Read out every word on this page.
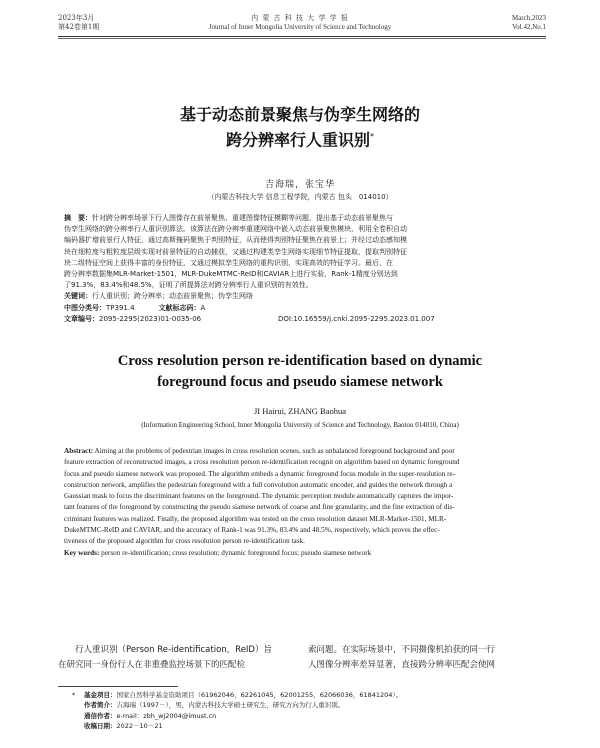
2023年3月
第42卷第1期
内 蒙 古 科 技 大 学 学 报
Journal of Inner Mongolia University of Science and Technology
March,2023
Vol.42,No.1
基于动态前景聚焦与伪孪生网络的
跨分辨率行人重识别*
吉海瑞，张宝华
（内蒙古科技大学 信息工程学院，内蒙古 包头　014010）
摘　要：针对跨分辨率场景下行人图像存在前景聚焦、重建图像特征模糊等问题，提出基于动态前景聚焦与
伪孪生网络的跨分辨率行人重识别算法。该算法在跨分辨率重建网络中嵌入动态前景聚焦模块，利用全卷积自动
编码器扩增前景行人特征，通过高斯掩码聚焦于判别特征，从而使得判别特征聚焦在前景上；并经过动态感知模
块在细粒度与粗粒度层级实现对前景特征的自动捕获，又通过构建类孪生网络实现细节特征提取，提取判别特征
块二级特征空间上获得丰富的身份特征，又通过模拟孪生网络的重构识别，实现高效的特征学习。最后，在
跨分辨率数据集MLR-Market-1501，MLR-DukeMTMC-ReID和CAVIAR上进行实验，Rank-1精度分别达到
了91.3%，83.4%和48.5%，证明了所提算法对跨分辨率行人重识别的有效性。
关键词：行人重识别；跨分辨率；动态前景聚焦；伪孪生网络
中图分类号：TP391.4	文献标志码：A
文章编号：2095-2295(2023)01-0035-06	DOI:10.16559/j.cnki.2095-2295.2023.01.007
Cross resolution person re-identification based on dynamic
foreground focus and pseudo siamese network
JI Hairui, ZHANG Baohua
(Information Engineering School, Inner Mongolia University of Science and Technology, Baotou 014010, China)
Abstract: Aiming at the problems of pedestrian images in cross resolution scenes, such as unbalanced foreground background and poor
feature extraction of reconstructed images, a cross resolution person re-identification recognit on algorithm based on dynamic foreground
focus and pseudo siamese network was proposed. The algorithm embeds a dynamic foreground focus module in the super-resolution re-
construction network, amplifies the pedestrian foreground with a full convolution automatic encoder, and guides the network through a
Gaussian mask to focus the discriminant features on the foreground. The dynamic perception module automatically captures the impor-
tant features of the foreground by constructing the pseudo siamese network of coarse and fine granularity, and the fine extraction of dis-
criminant features was realized. Finally, the proposed algorithm was tested on the cross resolution dataset MLR-Market-1501, MLR-
DukeMTMC-ReID and CAVIAR, and the accuracy of Rank-1 was 91.3%, 83.4% and 48.5%, respectively, which proves the effec-
tiveness of the proposed algorithm for cross resolution person re-identification task.
Key words: person re-identification; cross resolution; dynamic foreground focus; pseudo siamese network
行人重识别（Person Re-identification，ReID）旨
在研究同一身份行人在非重叠监控场景下的匹配检
索问题。在实际场景中，不同摄像机拍获的同一行
人图像分辨率差异显著，直接跨分辨率匹配会使网
* 基金项目：国家自然科学基金资助项目（61962046，62261045，62001255，62066036，61841204）。
作者简介：吉海瑞（1997－），男，内蒙古科技大学硕士研究生，研究方向为行人重识别。
通信作者：e-mail：zbh_wj2004@imust.cn
收稿日期：2022－10－21
